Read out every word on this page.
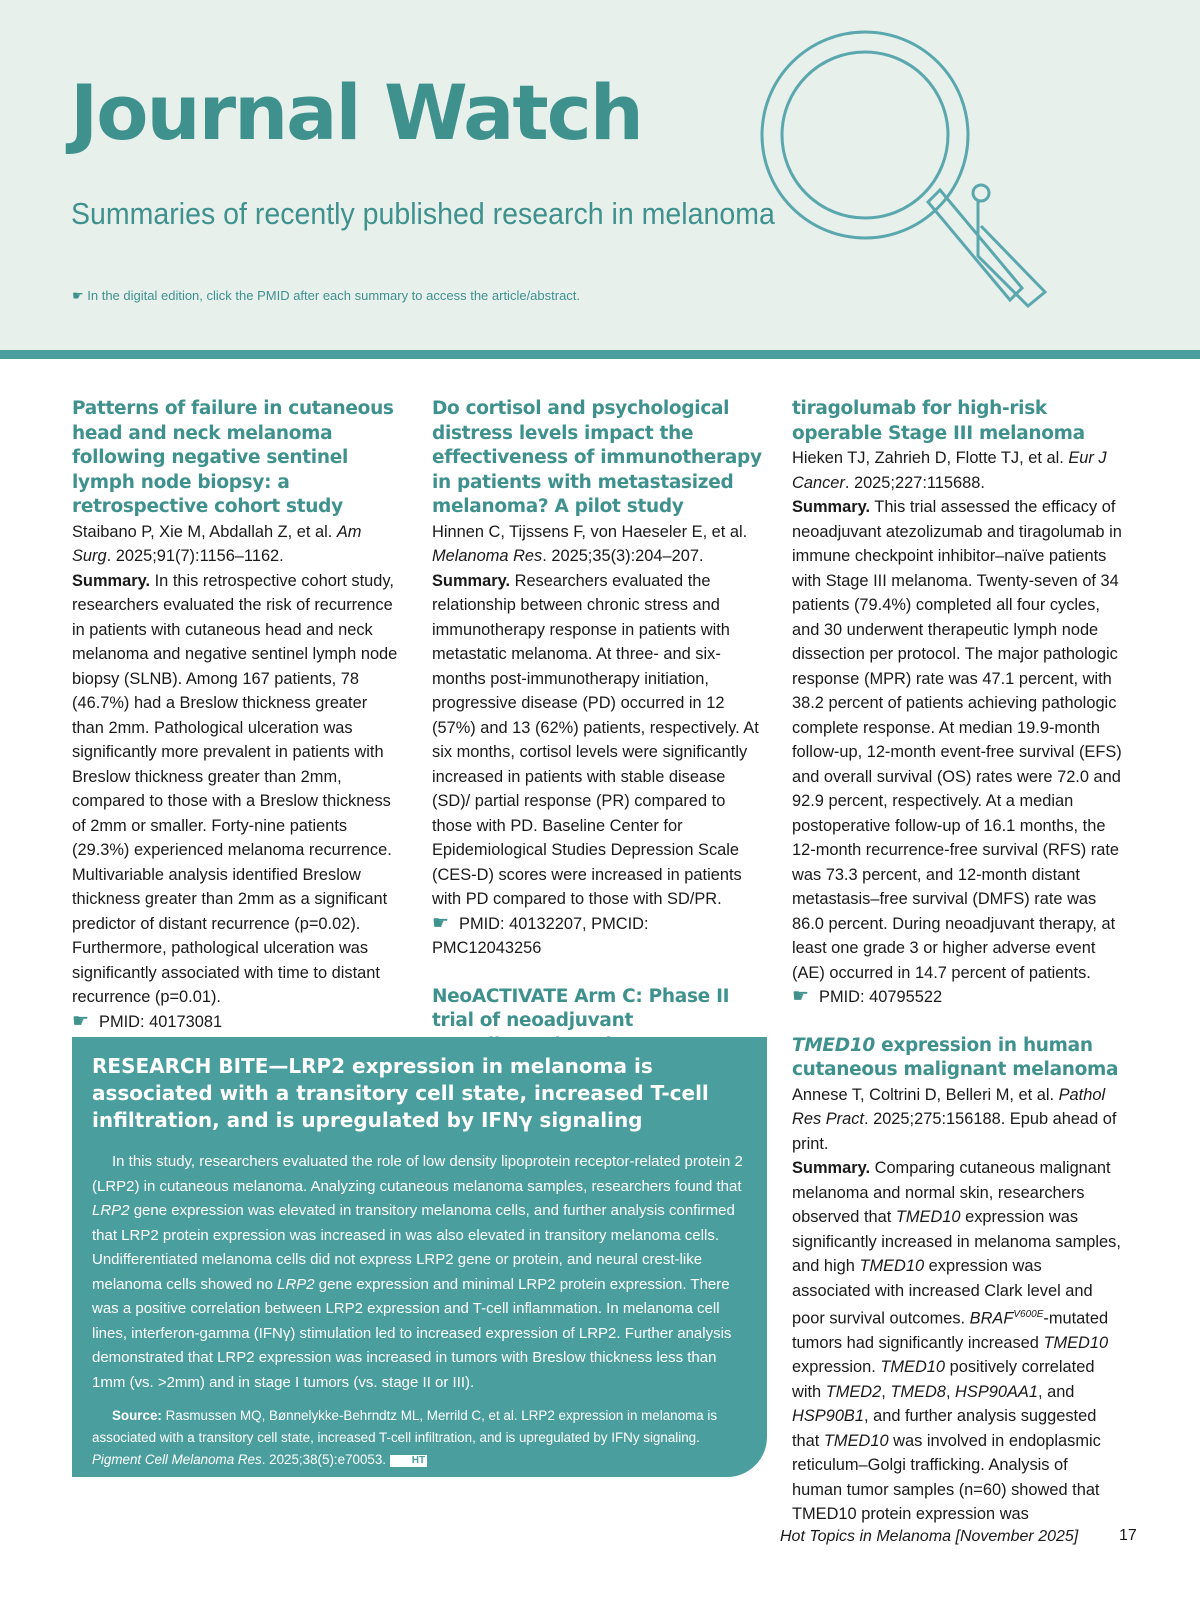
Journal Watch
Summaries of recently published research in melanoma
☛ In the digital edition, click the PMID after each summary to access the article/abstract.
Patterns of failure in cutaneous head and neck melanoma following negative sentinel lymph node biopsy: a retrospective cohort study
Staibano P, Xie M, Abdallah Z, et al. Am Surg. 2025;91(7):1156–1162.
Summary. In this retrospective cohort study, researchers evaluated the risk of recurrence in patients with cutaneous head and neck melanoma and negative sentinel lymph node biopsy (SLNB). Among 167 patients, 78 (46.7%) had a Breslow thickness greater than 2mm. Pathological ulceration was significantly more prevalent in patients with Breslow thickness greater than 2mm, compared to those with a Breslow thickness of 2mm or smaller. Forty-nine patients (29.3%) experienced melanoma recurrence. Multivariable analysis identified Breslow thickness greater than 2mm as a significant predictor of distant recurrence (p=0.02). Furthermore, pathological ulceration was significantly associated with time to distant recurrence (p=0.01).
☛ PMID: 40173081
Do cortisol and psychological distress levels impact the effectiveness of immunotherapy in patients with metastasized melanoma? A pilot study
Hinnen C, Tijssens F, von Haeseler E, et al. Melanoma Res. 2025;35(3):204–207.
Summary. Researchers evaluated the relationship between chronic stress and immunotherapy response in patients with metastatic melanoma. At three- and six-months post-immunotherapy initiation, progressive disease (PD) occurred in 12 (57%) and 13 (62%) patients, respectively. At six months, cortisol levels were significantly increased in patients with stable disease (SD)/ partial response (PR) compared to those with PD. Baseline Center for Epidemiological Studies Depression Scale (CES-D) scores were increased in patients with PD compared to those with SD/PR.
☛ PMID: 40132207, PMCID: PMC12043256
NeoACTIVATE Arm C: Phase II trial of neoadjuvant
tiragolumab for high-risk operable Stage III melanoma
Hieken TJ, Zahrieh D, Flotte TJ, et al. Eur J Cancer. 2025;227:115688.
Summary. This trial assessed the efficacy of neoadjuvant atezolizumab and tiragolumab in immune checkpoint inhibitor–naïve patients with Stage III melanoma. Twenty-seven of 34 patients (79.4%) completed all four cycles, and 30 underwent therapeutic lymph node dissection per protocol. The major pathologic response (MPR) rate was 47.1 percent, with 38.2 percent of patients achieving pathologic complete response. At median 19.9-month follow-up, 12-month event-free survival (EFS) and overall survival (OS) rates were 72.0 and 92.9 percent, respectively. At a median postoperative follow-up of 16.1 months, the 12-month recurrence-free survival (RFS) rate was 73.3 percent, and 12-month distant metastasis–free survival (DMFS) rate was 86.0 percent. During neoadjuvant therapy, at least one grade 3 or higher adverse event (AE) occurred in 14.7 percent of patients.
☛ PMID: 40795522
TMED10 expression in human cutaneous malignant melanoma
Annese T, Coltrini D, Belleri M, et al. Pathol Res Pract. 2025;275:156188. Epub ahead of print.
Summary. Comparing cutaneous malignant melanoma and normal skin, researchers observed that TMED10 expression was significantly increased in melanoma samples, and high TMED10 expression was associated with increased Clark level and poor survival outcomes. $BRAF^{V600E}$-mutated tumors had significantly increased TMED10 expression. TMED10 positively correlated with TMED2, TMED8, HSP90AA1, and HSP90B1, and further analysis suggested that TMED10 was involved in endoplasmic reticulum–Golgi trafficking. Analysis of human tumor samples (n=60) showed that TMED10 protein expression was
RESEARCH BITE—LRP2 expression in melanoma is associated with a transitory cell state, increased T-cell infiltration, and is upregulated by IFNγ signaling
In this study, researchers evaluated the role of low density lipoprotein receptor-related protein 2 (LRP2) in cutaneous melanoma. Analyzing cutaneous melanoma samples, researchers found that LRP2 gene expression was elevated in transitory melanoma cells, and further analysis confirmed that LRP2 protein expression was increased in was also elevated in transitory melanoma cells. Undifferentiated melanoma cells did not express LRP2 gene or protein, and neural crest-like melanoma cells showed no LRP2 gene expression and minimal LRP2 protein expression. There was a positive correlation between LRP2 expression and T-cell inflammation. In melanoma cell lines, interferon-gamma (IFNγ) stimulation led to increased expression of LRP2. Further analysis demonstrated that LRP2 expression was increased in tumors with Breslow thickness less than 1mm (vs. >2mm) and in stage I tumors (vs. stage II or III).
Source: Rasmussen MQ, Bønnelykke-Behrndtz ML, Merrild C, et al. LRP2 expression in melanoma is associated with a transitory cell state, increased T-cell infiltration, and is upregulated by IFNy signaling. Pigment Cell Melanoma Res. 2025;38(5):e70053. HT
Hot Topics in Melanoma [November 2025]	17
